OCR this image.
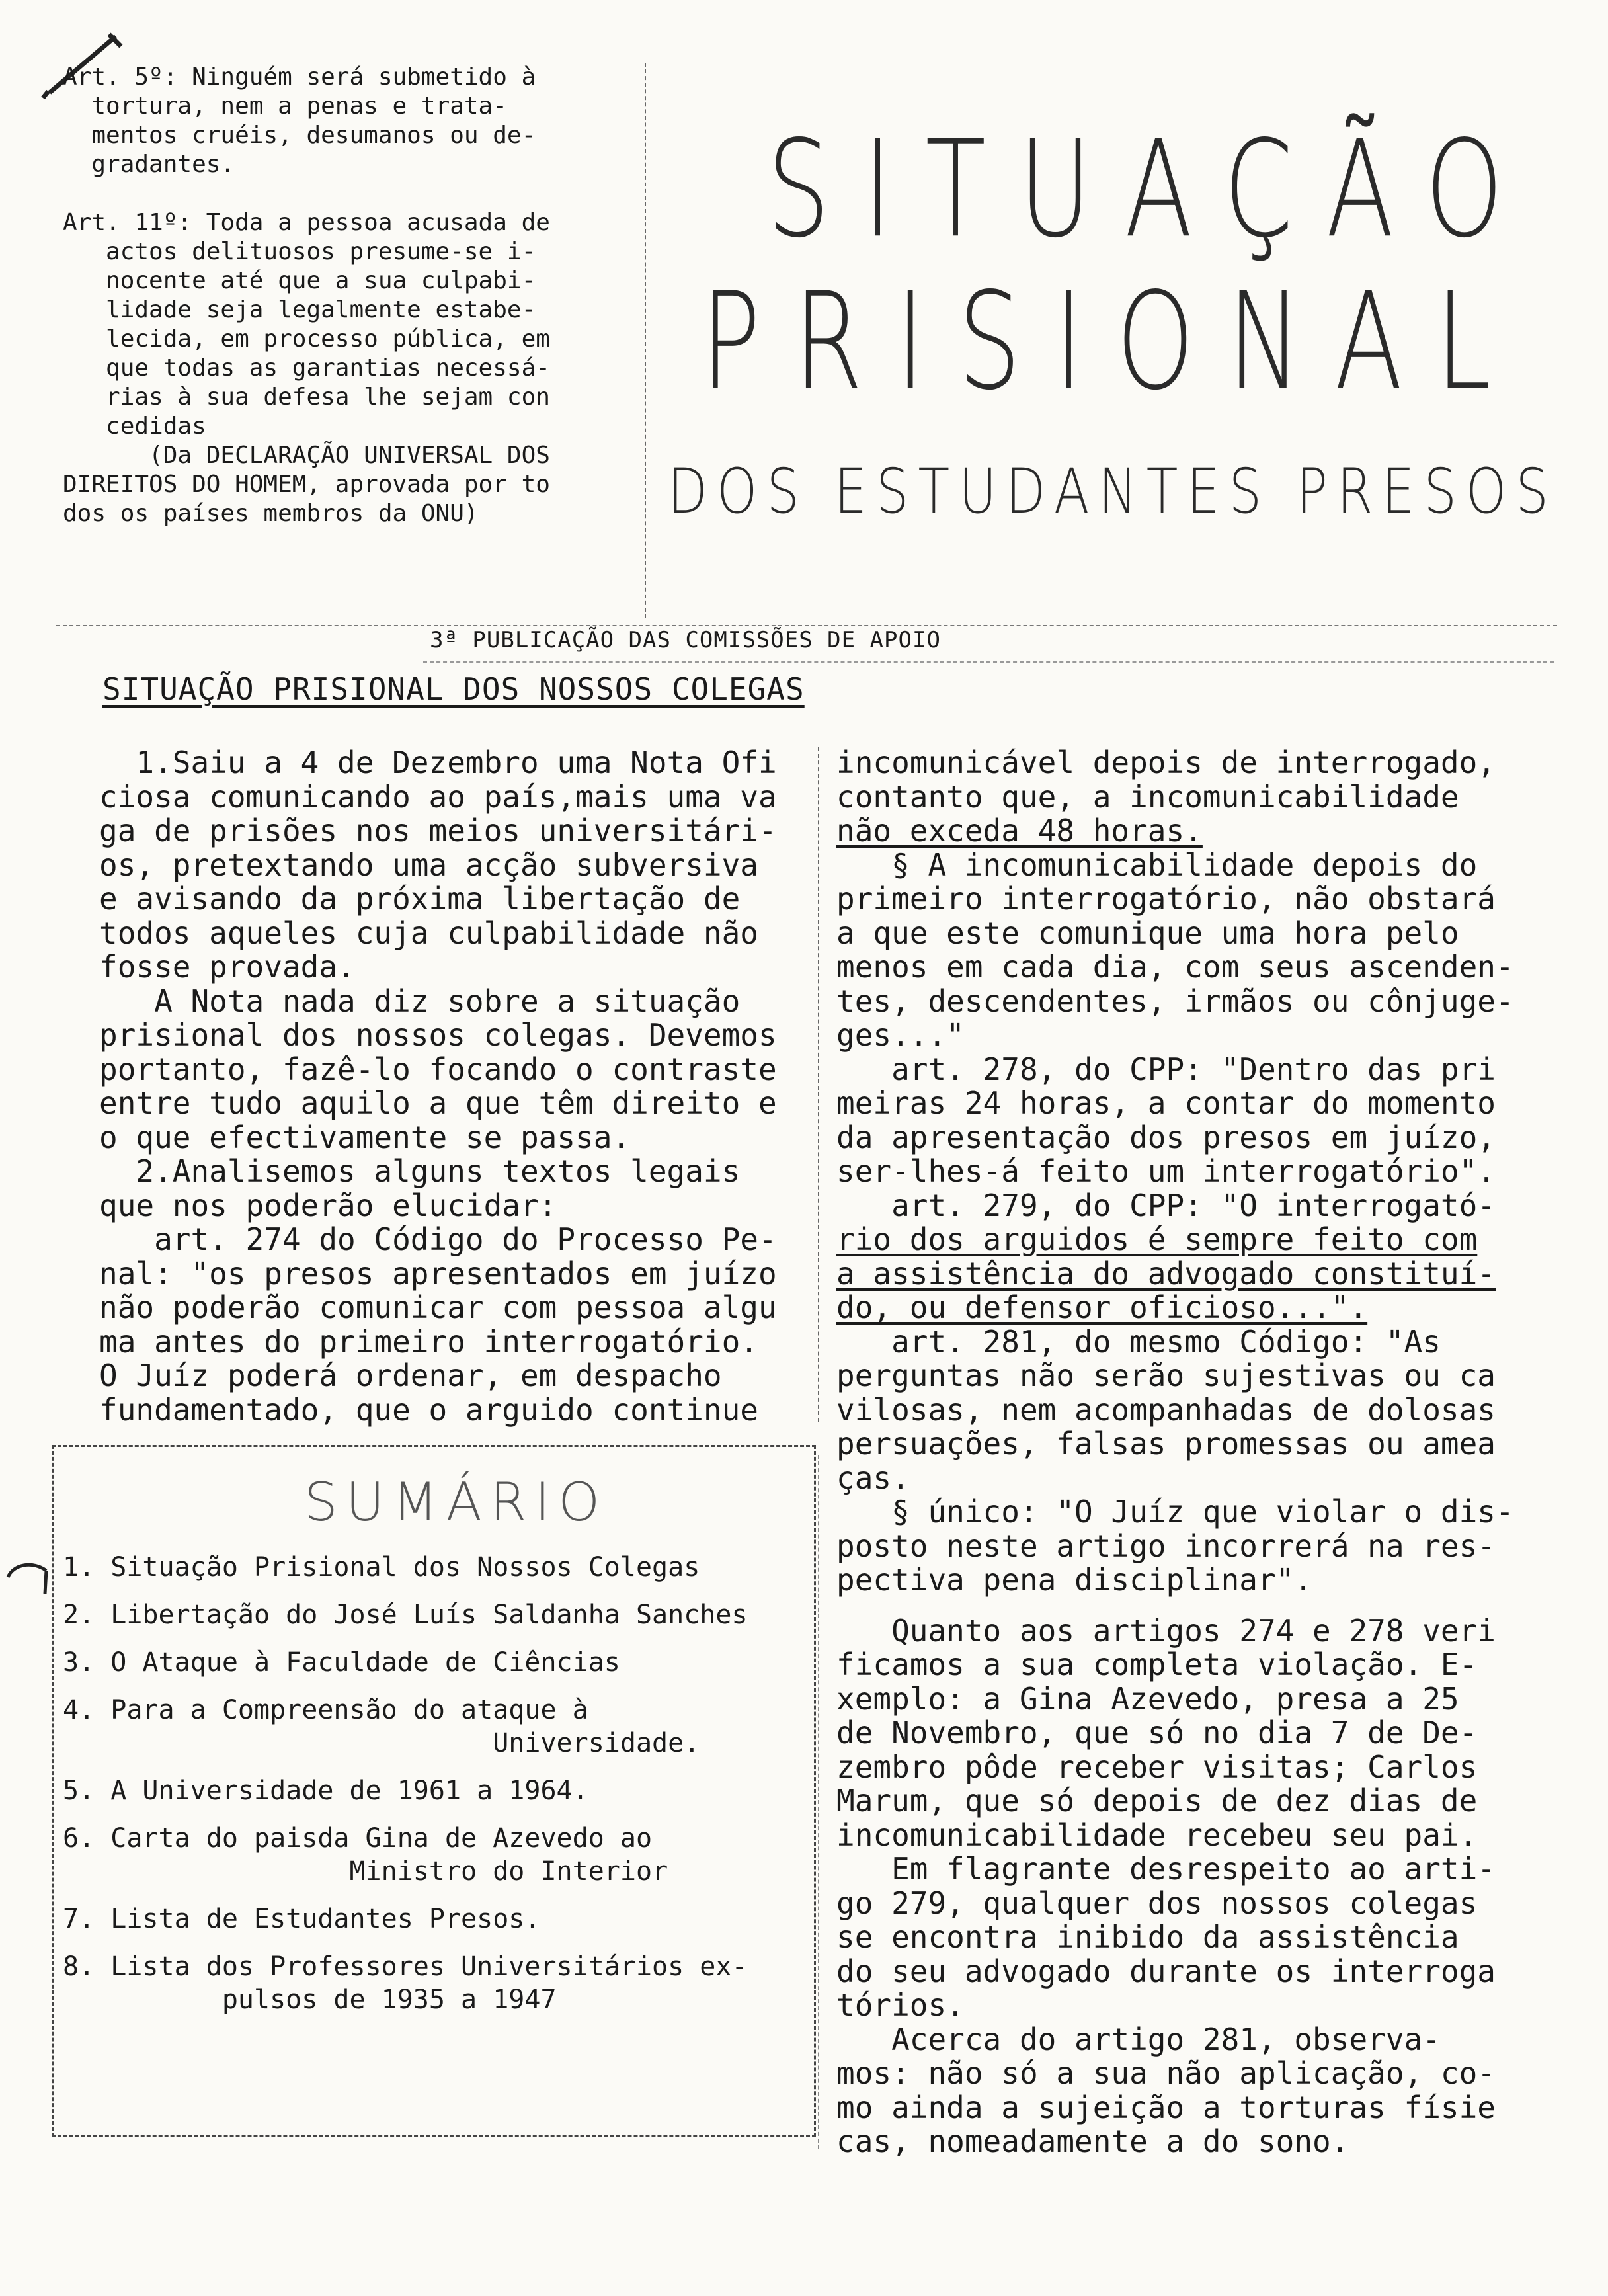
Art. 5º: Ninguém será submetido à

tortura, nem a penas e trata-

mentos cruéis, desumanos ou de-

gradantes.

Art. 11º: Toda a pessoa acusada de

actos delituosos presume-se i-

nocente até que a sua culpabi-

lidade seja legalmente estabe-

lecida, em processo pública, em

que todas as garantias necessá-

rias à sua defesa lhe sejam con

cedidas

(Da DECLARAÇÃO UNIVERSAL DOS

DIREITOS DO HOMEM, aprovada por to

dos os países membros da ONU)

SITUAÇÃO
PRISIONAL
DOS ESTUDANTES PRESOS
3ª PUBLICAÇÃO DAS COMISSÕES DE APOIO
SITUAÇÃO PRISIONAL DOS NOSSOS COLEGAS

1.Saiu a 4 de Dezembro uma Nota Ofi

ciosa comunicando ao país,mais uma va

ga de prisões nos meios universitári-

os, pretextando uma acção subversiva

e avisando da próxima libertação de

todos aqueles cuja culpabilidade não

fosse provada.

A Nota nada diz sobre a situação

prisional dos nossos colegas. Devemos

portanto, fazê-lo focando o contraste

entre tudo aquilo a que têm direito e

o que efectivamente se passa.

2.Analisemos alguns textos legais

que nos poderão elucidar:

art. 274 do Código do Processo Pe-

nal: "os presos apresentados em juízo

não poderão comunicar com pessoa algu

ma antes do primeiro interrogatório.

O Juíz poderá ordenar, em despacho

fundamentado, que o arguido continue

incomunicável depois de interrogado,

contanto que, a incomunicabilidade

não exceda 48 horas.

§ A incomunicabilidade depois do

primeiro interrogatório, não obstará

a que este comunique uma hora pelo

menos em cada dia, com seus ascenden-

tes, descendentes, irmãos ou cônjuge-

ges..."

art. 278, do CPP: "Dentro das pri

meiras 24 horas, a contar do momento

da apresentação dos presos em juízo,

ser-lhes-á feito um interrogatório".

art. 279, do CPP: "O interrogató-

rio dos arguidos é sempre feito com

a assistência do advogado constituí-

do, ou defensor oficioso...".

art. 281, do mesmo Código: "As

perguntas não serão sujestivas ou ca

vilosas, nem acompanhadas de dolosas

persuações, falsas promessas ou amea

ças.

§ único: "O Juíz que violar o dis-

posto neste artigo incorrerá na res-

pectiva pena disciplinar".

Quanto aos artigos 274 e 278 veri

ficamos a sua completa violação. E-

xemplo: a Gina Azevedo, presa a 25

de Novembro, que só no dia 7 de De-

zembro pôde receber visitas; Carlos

Marum, que só depois de dez dias de

incomunicabilidade recebeu seu pai.

Em flagrante desrespeito ao arti-

go 279, qualquer dos nossos colegas

se encontra inibido da assistência

do seu advogado durante os interroga

tórios.

Acerca do artigo 281, observa-

mos: não só a sua não aplicação, co-

mo ainda a sujeição a torturas físie

cas, nomeadamente a do sono.

SUMÁRIO

1. Situação Prisional dos Nossos Colegas

2. Libertação do José Luís Saldanha Sanches

3. O Ataque à Faculdade de Ciências

4. Para a Compreensão do ataque à

Universidade.

5. A Universidade de 1961 a 1964.

6. Carta do paisda Gina de Azevedo ao

Ministro do Interior

7. Lista de Estudantes Presos.

8. Lista dos Professores Universitários ex-

pulsos de 1935 a 1947
